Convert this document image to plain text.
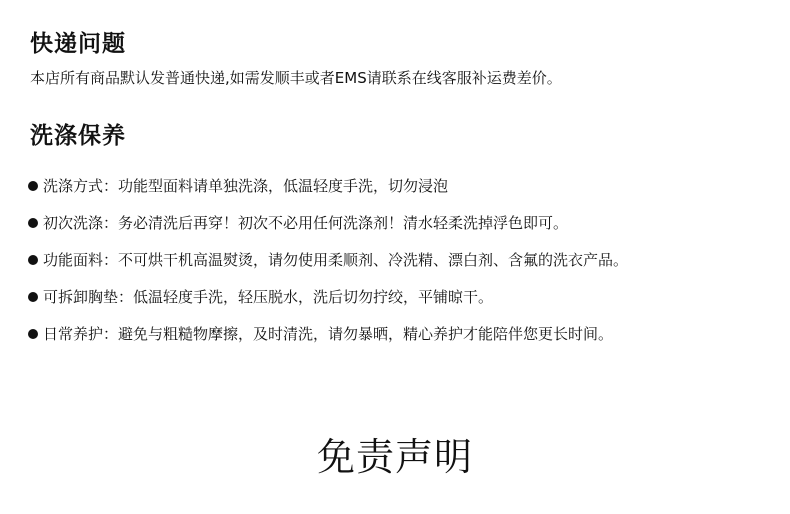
快递问题
本店所有商品默认发普通快递,如需发顺丰或者EMS请联系在线客服补运费差价。
洗涤保养
洗涤方式：功能型面料请单独洗涤，低温轻度手洗，切勿浸泡
初次洗涤：务必清洗后再穿！初次不必用任何洗涤剂！清水轻柔洗掉浮色即可。
功能面料：不可烘干机高温熨烫，请勿使用柔顺剂、冷洗精、漂白剂、含氟的洗衣产品。
可拆卸胸垫：低温轻度手洗，轻压脱水，洗后切勿拧绞，平铺晾干。
日常养护：避免与粗糙物摩擦，及时清洗，请勿暴晒，精心养护才能陪伴您更长时间。
免责声明
